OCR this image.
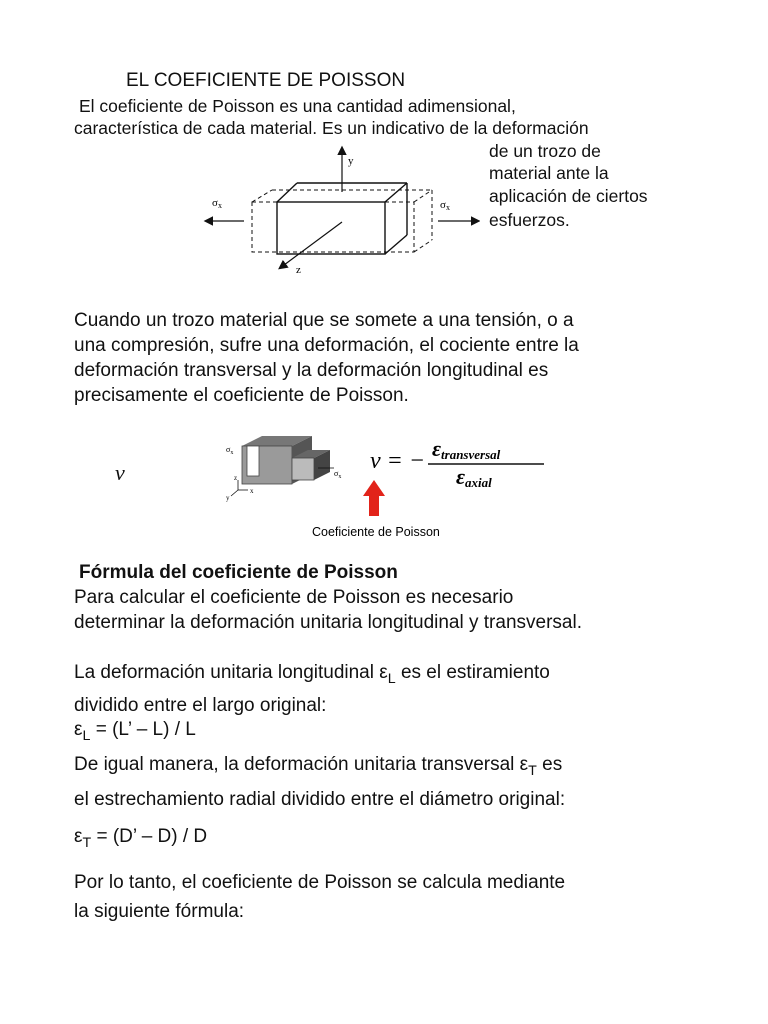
EL COEFICIENTE DE POISSON
El coeficiente de Poisson es una cantidad adimensional,
característica de cada material. Es un indicativo de la deformación
de un trozo de
material ante la
aplicación de ciertos
esfuerzos.
y
z
σx	σx
Cuando un trozo material que se somete a una tensión, o a
una compresión, sufre una deformación, el cociente entre la
deformación transversal y la deformación longitudinal es
precisamente el coeficiente de Poisson.
ν
$\sigma_x$
$\sigma_x$
z
x
y
ν = − εtransversal
εaxial
Coeficiente de Poisson
Fórmula del coeficiente de Poisson
Para calcular el coeficiente de Poisson es necesario
determinar la deformación unitaria longitudinal y transversal.
La deformación unitaria longitudinal $\varepsilon_L$ es el estiramiento
dividido entre el largo original:
$\varepsilon_L = (L$’ – L) / L
De igual manera, la deformación unitaria transversal $\varepsilon_T$ es
el estrechamiento radial dividido entre el diámetro original:
$\varepsilon_T = (D$’ – D) / D
Por lo tanto, el coeficiente de Poisson se calcula mediante
la siguiente fórmula:
